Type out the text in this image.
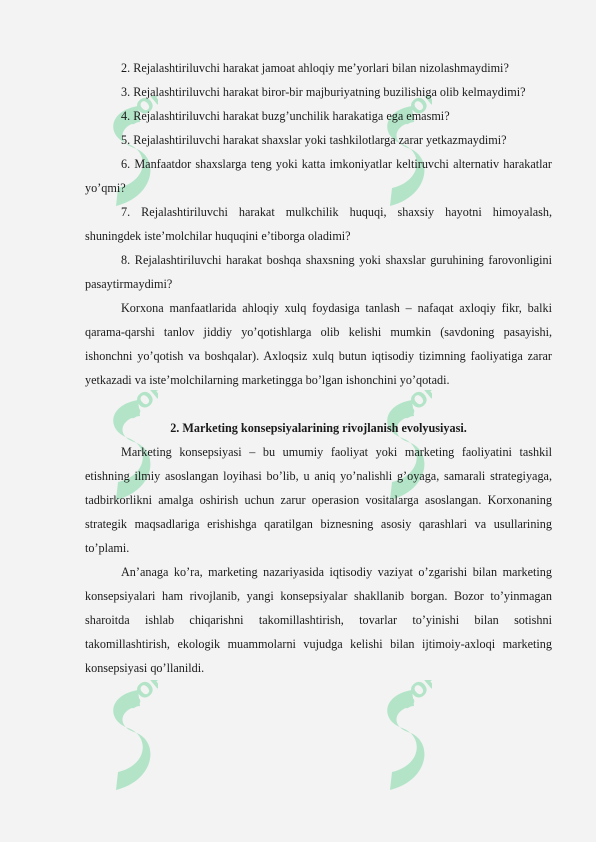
SOFF	SOFF
SOFF	SOFF
SOFF	SOFF

2. Rejalashtiriluvchi harakat jamoat ahloqiy me’yorlari bilan nizolashmaydimi?

3. Rejalashtiriluvchi harakat biror-bir majburiyatning buzilishiga olib kelmaydimi?

4. Rejalashtiriluvchi harakat buzg’unchilik harakatiga ega emasmi?

5. Rejalashtiriluvchi harakat shaxslar yoki tashkilotlarga zarar yetkazmaydimi?

6. Manfaatdor shaxslarga teng yoki katta imkoniyatlar keltiruvchi alternativ harakatlar yo’qmi?

7. Rejalashtiriluvchi harakat mulkchilik huquqi, shaxsiy hayotni himoyalash, shuningdek iste’molchilar huquqini e’tiborga oladimi?

8. Rejalashtiriluvchi harakat boshqa shaxsning yoki shaxslar guruhining farovonligini pasaytirmaydimi?

Korxona manfaatlarida ahloqiy xulq foydasiga tanlash – nafaqat axloqiy fikr, balki qarama-qarshi tanlov jiddiy yo’qotishlarga olib kelishi mumkin (savdoning pasayishi, ishonchni yo’qotish va boshqalar). Axloqsiz xulq butun iqtisodiy tizimning faoliyatiga zarar yetkazadi va iste’molchilarning marketingga bo’lgan ishonchini yo’qotadi.

2. Marketing konsepsiyalarining rivojlanish evolyusiyasi.

Marketing konsepsiyasi – bu umumiy faoliyat yoki marketing faoliyatini tashkil etishning ilmiy asoslangan loyihasi bo’lib, u aniq yo’nalishli g’oyaga, samarali strategiyaga, tadbirkorlikni amalga oshirish uchun zarur operasion vositalarga asoslangan. Korxonaning strategik maqsadlariga erishishga qaratilgan biznesning asosiy qarashlari va usullarining to’plami.

An’anaga ko’ra, marketing nazariyasida iqtisodiy vaziyat o’zgarishi bilan marketing konsepsiyalari ham rivojlanib, yangi konsepsiyalar shakllanib borgan. Bozor to’yinmagan sharoitda ishlab chiqarishni takomillashtirish, tovarlar to’yinishi bilan sotishni takomillashtirish, ekologik muammolarni vujudga kelishi bilan ijtimoiy-axloqi marketing konsepsiyasi qo’llanildi.
